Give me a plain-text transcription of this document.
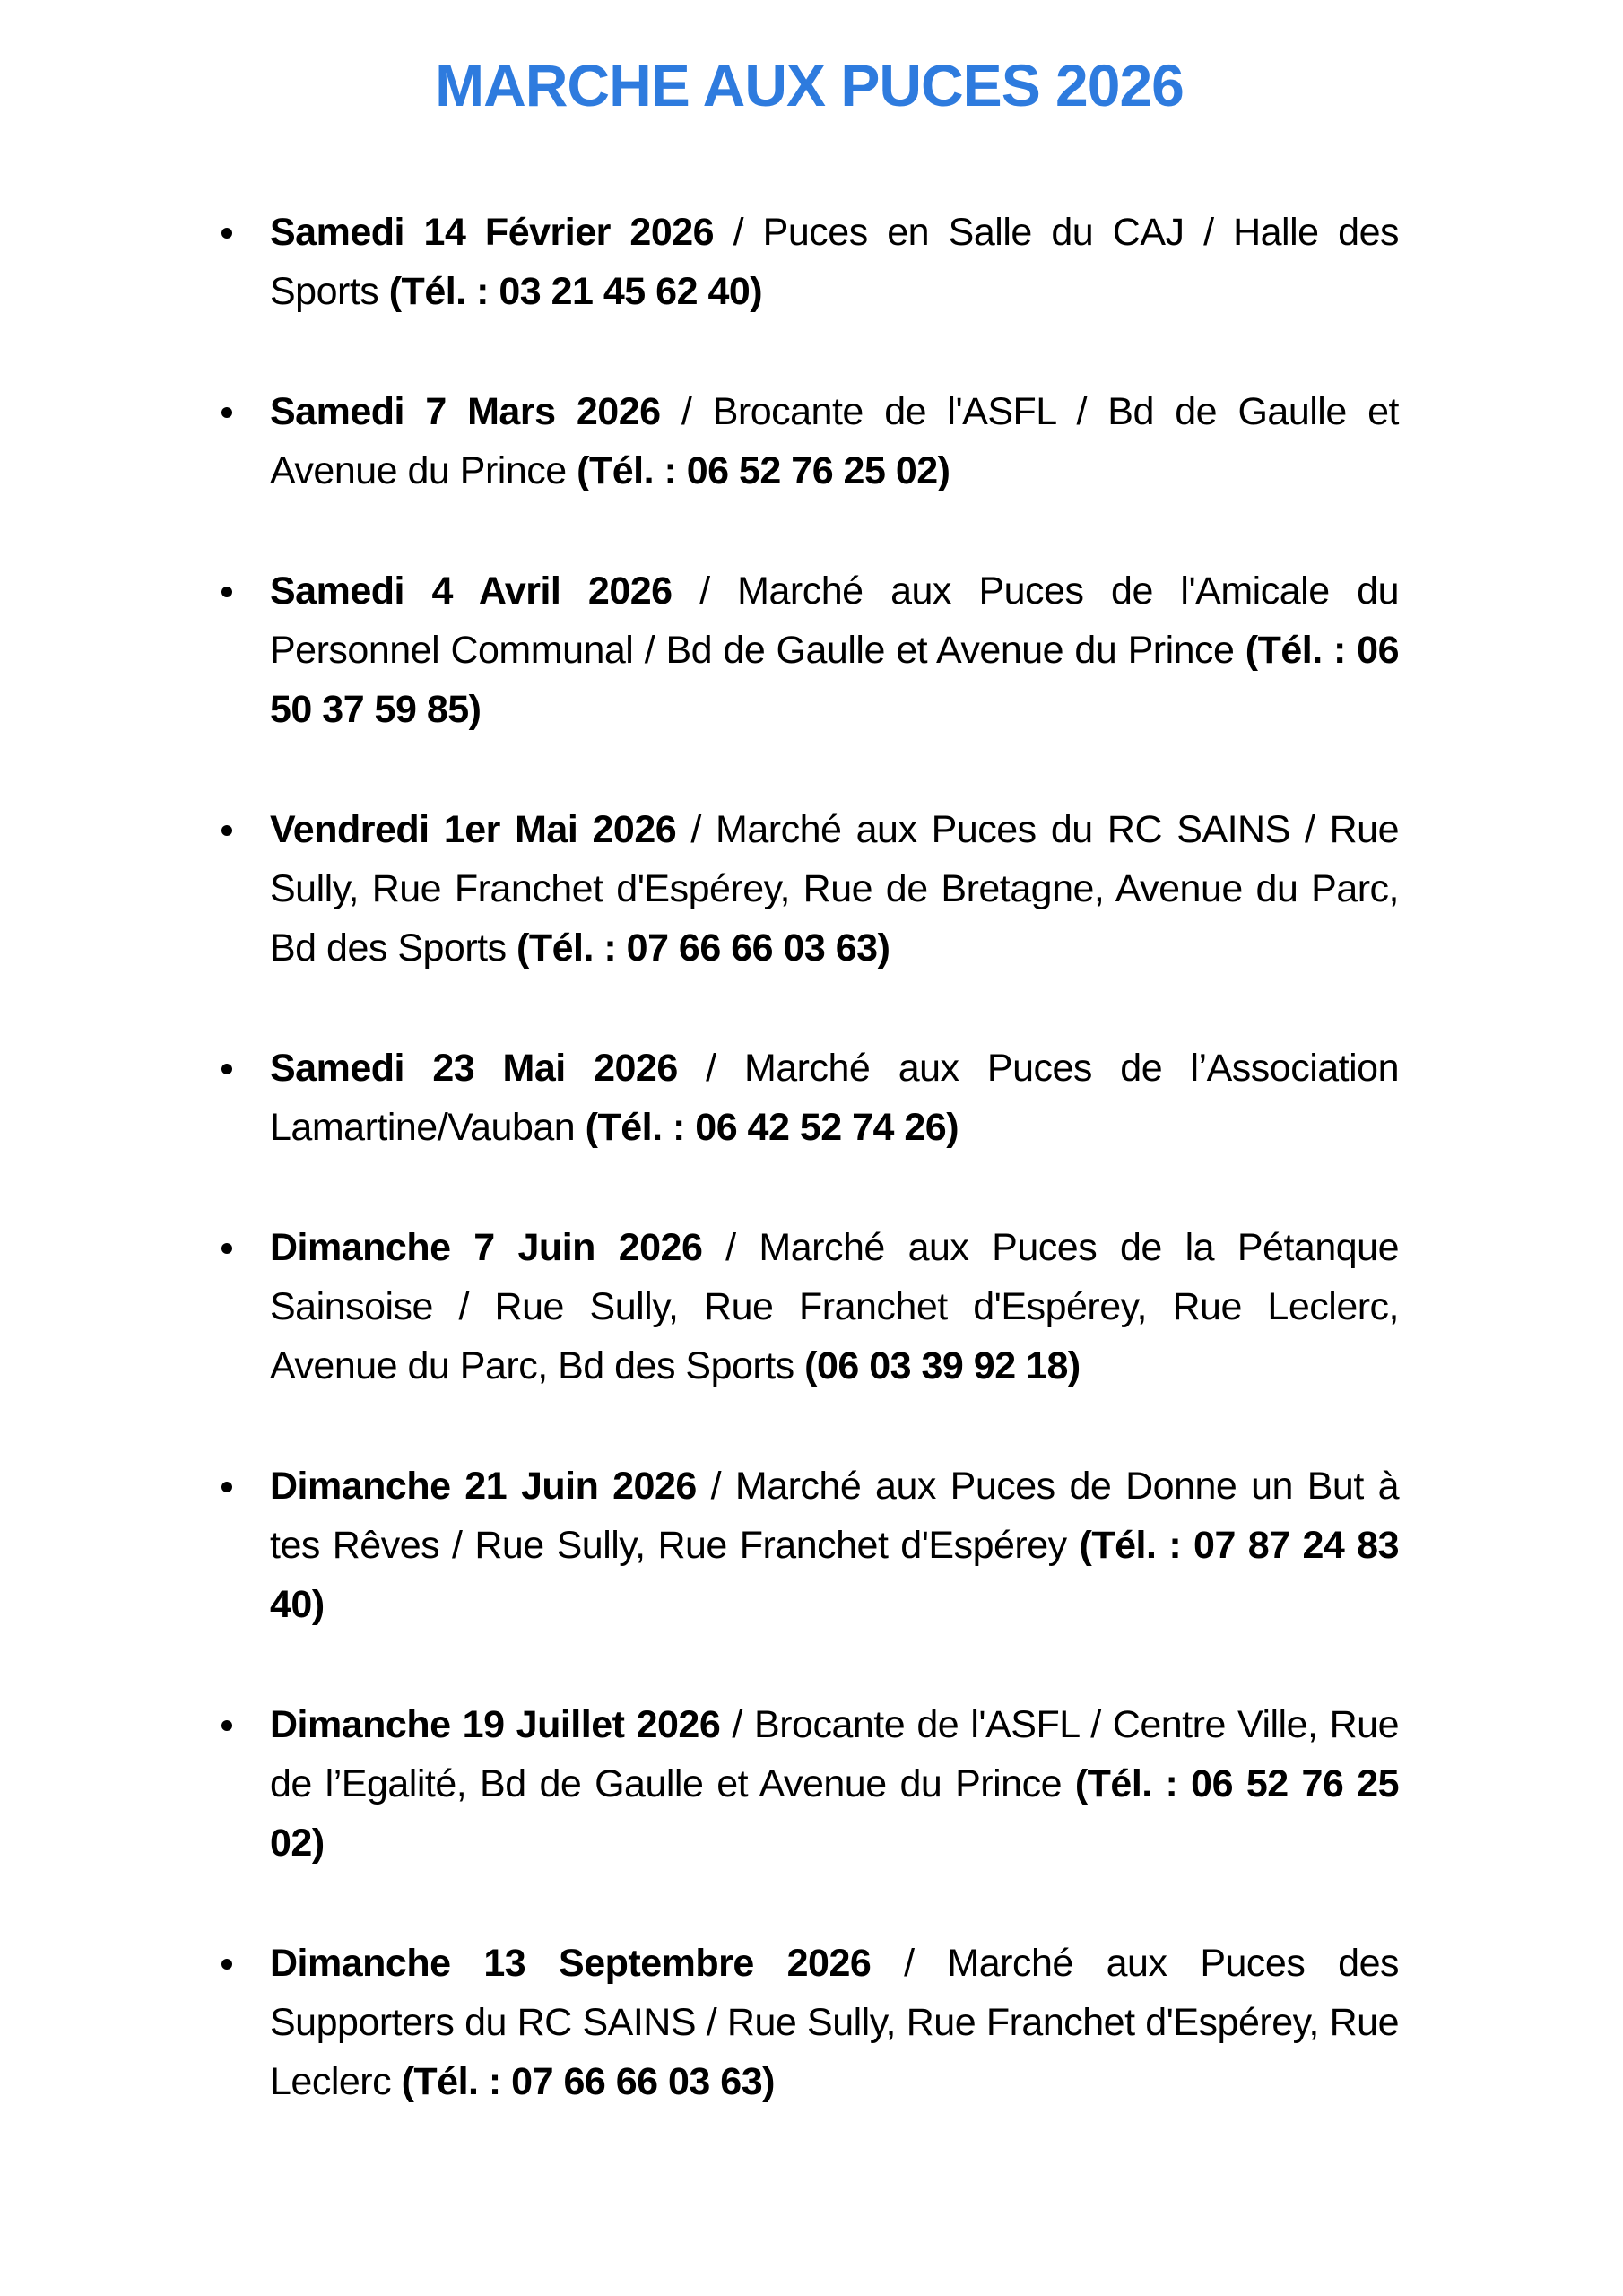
MARCHE AUX PUCES 2026
Samedi 14 Février 2026 / Puces en Salle du CAJ / Halle des Sports (Tél. : 03 21 45 62 40)
Samedi 7 Mars 2026 / Brocante de l'ASFL / Bd de Gaulle et Avenue du Prince (Tél. : 06 52 76 25 02)
Samedi 4 Avril 2026 / Marché aux Puces de l'Amicale du Personnel Communal / Bd de Gaulle et Avenue du Prince (Tél. : 06 50 37 59 85)
Vendredi 1er Mai 2026 / Marché aux Puces du RC SAINS / Rue Sully, Rue Franchet d'Espérey, Rue de Bretagne, Avenue du Parc, Bd des Sports (Tél. : 07 66 66 03 63)
Samedi 23 Mai 2026 / Marché aux Puces de l’Association Lamartine/Vauban (Tél. : 06 42 52 74 26)
Dimanche 7 Juin 2026 / Marché aux Puces de la Pétanque Sainsoise / Rue Sully, Rue Franchet d'Espérey, Rue Leclerc, Avenue du Parc, Bd des Sports (06 03 39 92 18)
Dimanche 21 Juin 2026 / Marché aux Puces de Donne un But à tes Rêves / Rue Sully, Rue Franchet d'Espérey (Tél. : 07 87 24 83 40)
Dimanche 19 Juillet 2026 / Brocante de l'ASFL / Centre Ville, Rue de l’Egalité, Bd de Gaulle et Avenue du Prince (Tél. : 06 52 76 25 02)
Dimanche 13 Septembre 2026 / Marché aux Puces des Supporters du RC SAINS / Rue Sully, Rue Franchet d'Espérey, Rue Leclerc (Tél. : 07 66 66 03 63)
